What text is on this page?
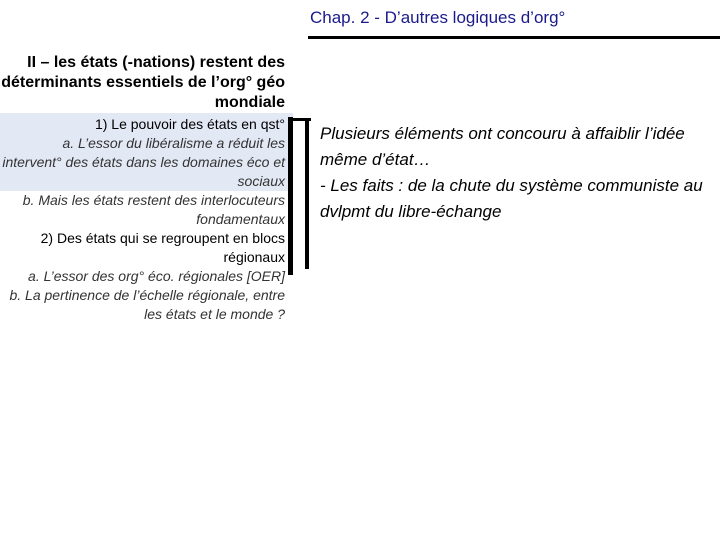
Chap. 2 - D’autres logiques d’org°
II – les états (-nations) restent des déterminants essentiels de l’org° géo mondiale
1) Le pouvoir des états en qst°
a. L’essor du libéralisme a réduit les intervent° des états dans les domaines éco et sociaux
b. Mais les états restent des interlocuteurs fondamentaux
2) Des états qui se regroupent en blocs régionaux
a. L’essor des org° éco. régionales [OER]
b. La pertinence de l’échelle régionale, entre les états et le monde ?
Plusieurs éléments ont concouru à affaiblir l’idée même d’état…
- Les faits : de la chute du système communiste au dvlpmt du libre-échange
